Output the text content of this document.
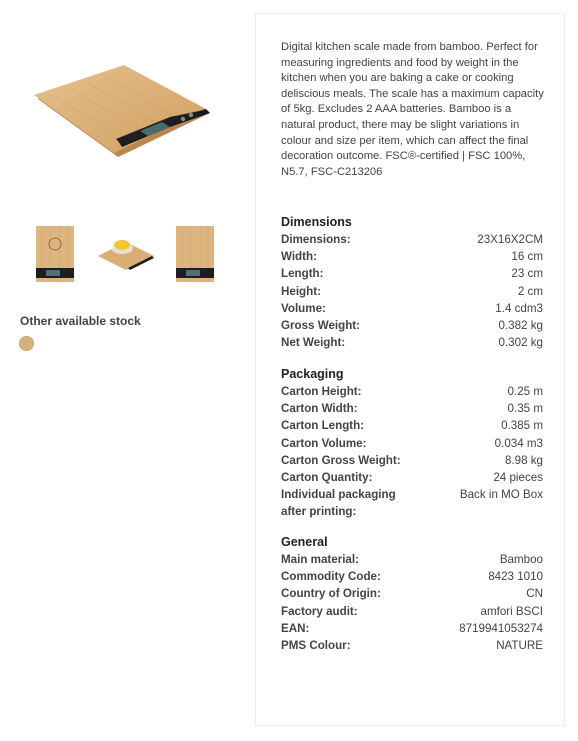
Other available stock
Digital kitchen scale made from bamboo. Perfect for measuring ingredients and food by weight in the kitchen when you are baking a cake or cooking deliscious meals. The scale has a maximum capacity of 5kg. Excludes 2 AAA batteries. Bamboo is a natural product, there may be slight variations in colour and size per item, which can affect the final decoration outcome. FSC®-certified | FSC 100%, N5.7, FSC-C213206
Dimensions
Dimensions:	23X16X2CM
Width:	16 cm
Length:	23 cm
Height:	2 cm
Volume:	1.4 cdm3
Gross Weight:	0.382 kg
Net Weight:	0.302 kg
Packaging
Carton Height:	0.25 m
Carton Width:	0.35 m
Carton Length:	0.385 m
Carton Volume:	0.034 m3
Carton Gross Weight:	8.98 kg
Carton Quantity:	24 pieces
Individual packaging after printing:
Back in MO Box
General
Main material:	Bamboo
Commodity Code:	8423 1010
Country of Origin:	CN
Factory audit:	amfori BSCI
EAN:	8719941053274
PMS Colour:	NATURE
